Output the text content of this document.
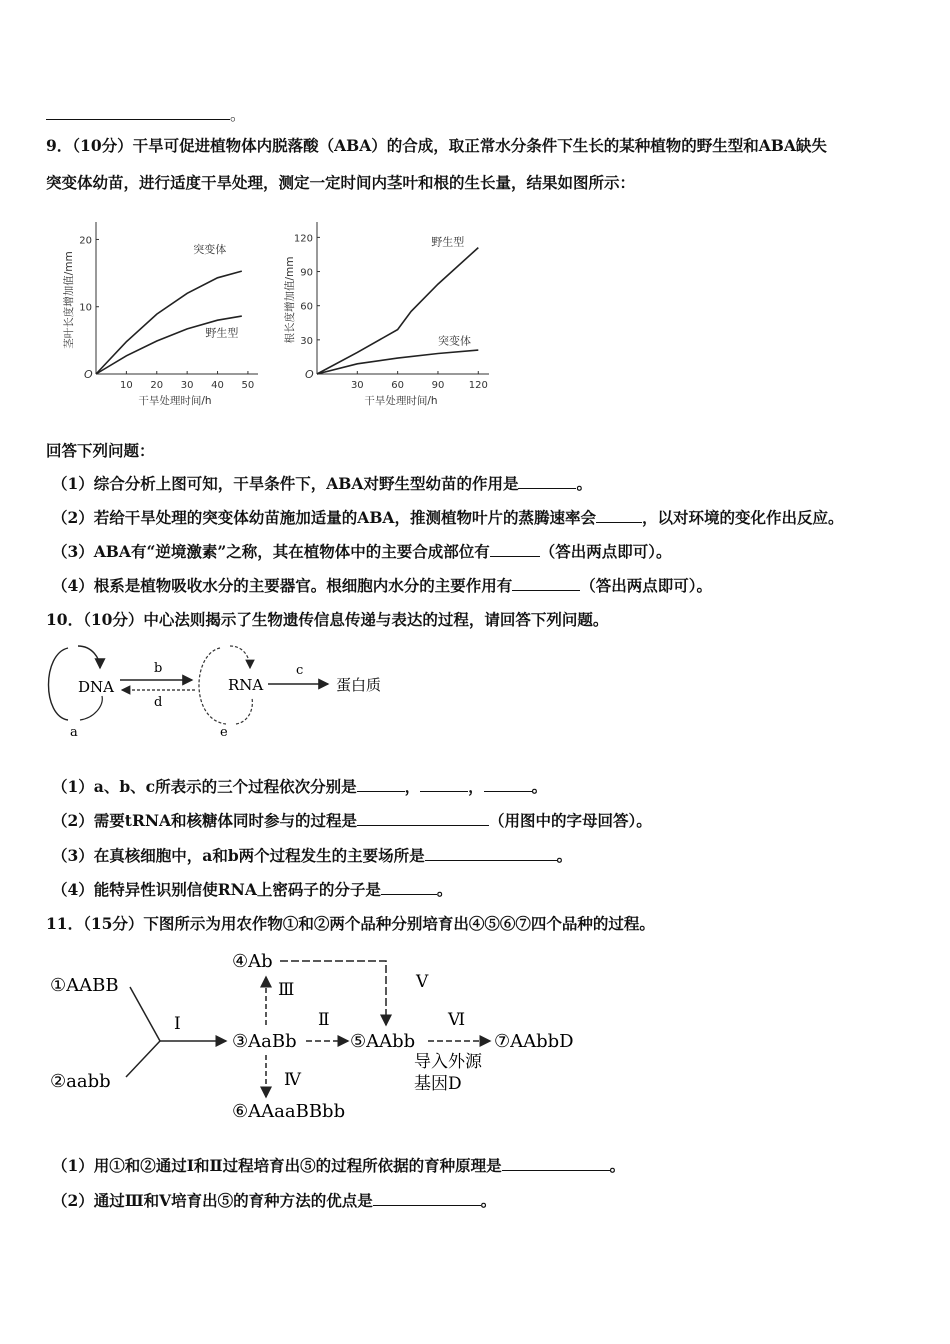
。
9．（10分）干旱可促进植物体内脱落酸（ABA）的合成，取正常水分条件下生长的某种植物的野生型和ABA缺失
突变体幼苗，进行适度干旱处理，测定一定时间内茎叶和根的生长量，结果如图所示：
O
10 20 30 40 50
10
20
干旱处理时间/h
茎叶长度增加值/mm
突变体
野生型
O
30	60	90 120
30
60
90
120
干旱处理时间/h
根长度增加值/mm
野生型
突变体
回答下列问题：
（1）综合分析上图可知，干旱条件下，ABA对野生型幼苗的作用是	。
（2）若给干旱处理的突变体幼苗施加适量的ABA，推测植物叶片的蒸腾速率会	，以对环境的变化作出反应。
（3）ABA有“逆境激素”之称，其在植物体中的主要合成部位有	（答出两点即可）。
（4）根系是植物吸收水分的主要器官。根细胞内水分的主要作用有	（答出两点即可）。
10．（10分）中心法则揭示了生物遗传信息传递与表达的过程，请回答下列问题。
DNA
a
b
d
RNA
e
c
蛋白质
（1）a、b、c所表示的三个过程依次分别是	，	，	。
（2）需要tRNA和核糖体同时参与的过程是	（用图中的字母回答）。
（3）在真核细胞中，a和b两个过程发生的主要场所是	。
（4）能特异性识别信使RNA上密码子的分子是	。
11．（15分）下图所示为用农作物①和②两个品种分别培育出④⑤⑥⑦四个品种的过程。
①AABB
②aabb
Ⅰ
③AaBb
④Ab
⑥AAaaBBbb
Ⅲ
Ⅳ
Ⅱ
⑤AAbb
Ⅴ
Ⅵ
⑦AAbbD
导入外源
基因D
（1）用①和②通过Ⅰ和Ⅱ过程培育出⑤的过程所依据的育种原理是	。
（2）通过Ⅲ和Ⅴ培育出⑤的育种方法的优点是	。
